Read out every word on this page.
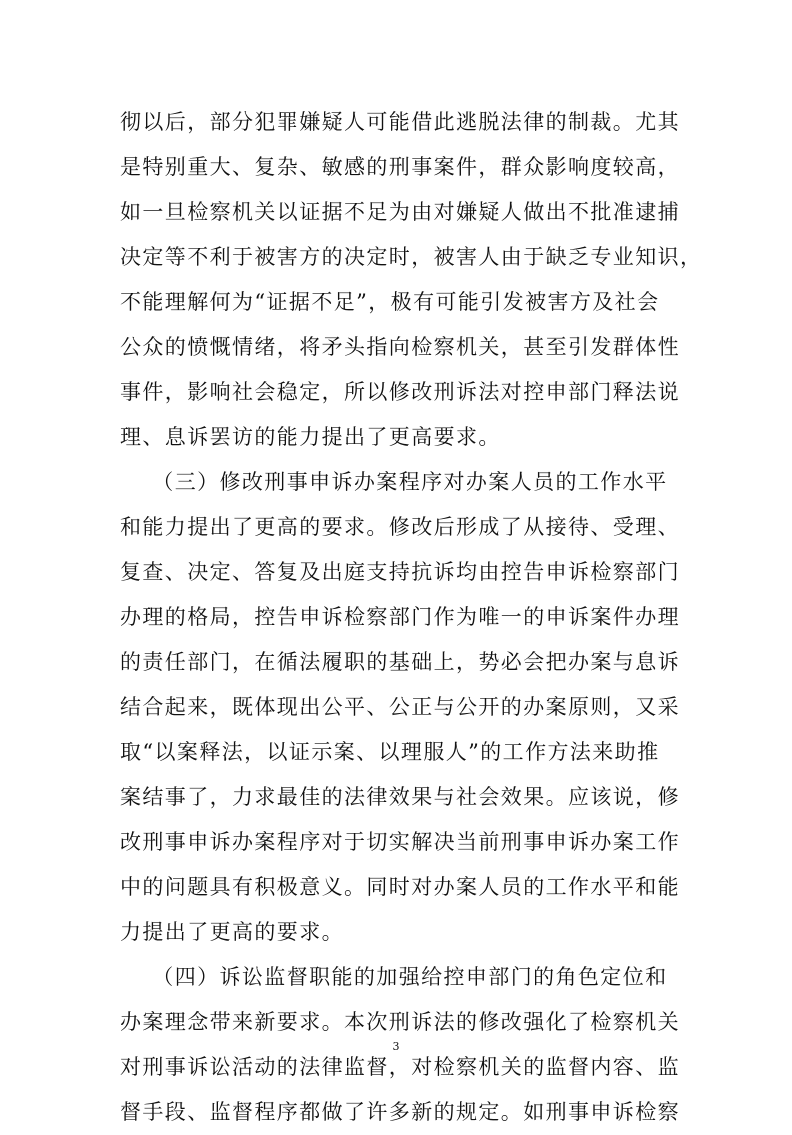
彻以后，部分犯罪嫌疑人可能借此逃脱法律的制裁。尤其
是特别重大、复杂、敏感的刑事案件，群众影响度较高，
如一旦检察机关以证据不足为由对嫌疑人做出不批准逮捕
决定等不利于被害方的决定时，被害人由于缺乏专业知识，
不能理解何为“证据不足”，极有可能引发被害方及社会
公众的愤慨情绪，将矛头指向检察机关，甚至引发群体性
事件，影响社会稳定，所以修改刑诉法对控申部门释法说
理、息诉罢访的能力提出了更高要求。
（三）修改刑事申诉办案程序对办案人员的工作水平
和能力提出了更高的要求。修改后形成了从接待、受理、
复查、决定、答复及出庭支持抗诉均由控告申诉检察部门
办理的格局，控告申诉检察部门作为唯一的申诉案件办理
的责任部门，在循法履职的基础上，势必会把办案与息诉
结合起来，既体现出公平、公正与公开的办案原则，又采
取“以案释法，以证示案、以理服人”的工作方法来助推
案结事了，力求最佳的法律效果与社会效果。应该说，修
改刑事申诉办案程序对于切实解决当前刑事申诉办案工作
中的问题具有积极意义。同时对办案人员的工作水平和能
力提出了更高的要求。
（四）诉讼监督职能的加强给控申部门的角色定位和
办案理念带来新要求。本次刑诉法的修改强化了检察机关
对刑事诉讼活动的法律监督，对检察机关的监督内容、监
督手段、监督程序都做了许多新的规定。如刑事申诉检察
3
